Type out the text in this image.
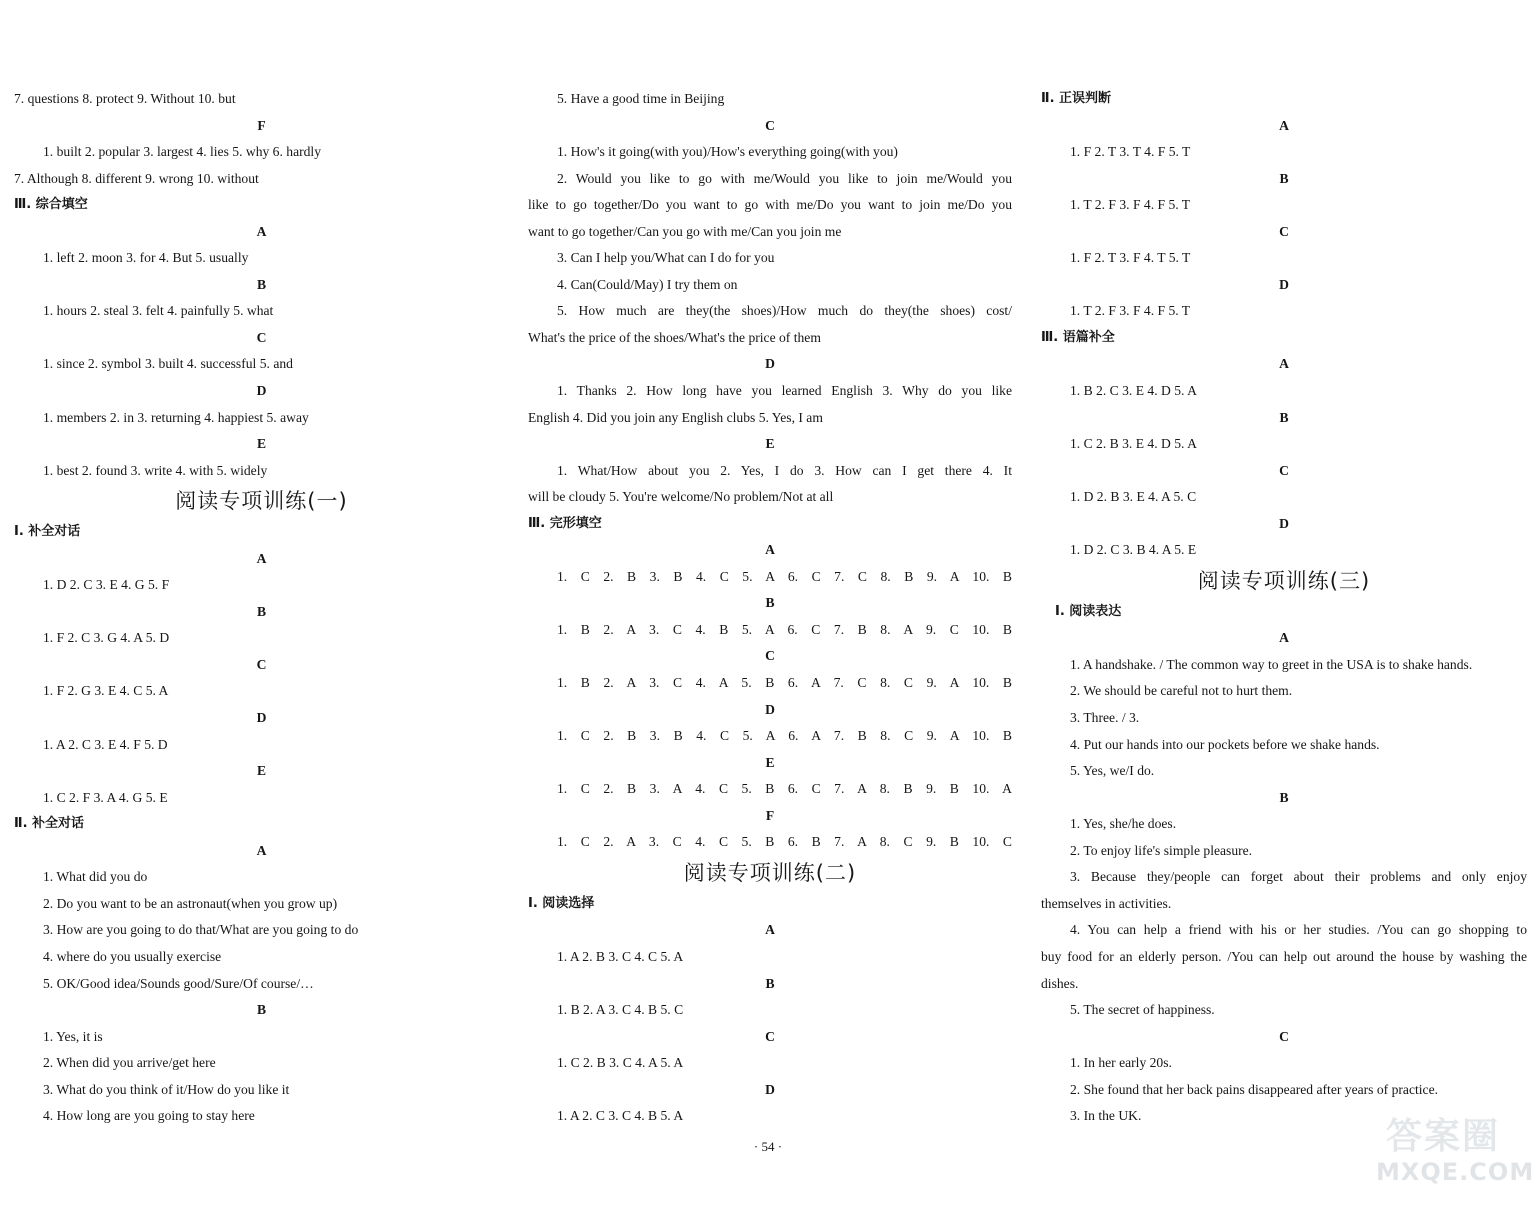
7. questions 8. protect 9. Without 10. but
F
1. built 2. popular 3. largest 4. lies 5. why 6. hardly
7. Although 8. different 9. wrong 10. without
Ⅲ. 综合填空
A
1. left 2. moon 3. for 4. But 5. usually
B
1. hours 2. steal 3. felt 4. painfully 5. what
C
1. since 2. symbol 3. built 4. successful 5. and
D
1. members 2. in 3. returning 4. happiest 5. away
E
1. best 2. found 3. write 4. with 5. widely
阅读专项训练(一)
Ⅰ. 补全对话
A
1. D 2. C 3. E 4. G 5. F
B
1. F 2. C 3. G 4. A 5. D
C
1. F 2. G 3. E 4. C 5. A
D
1. A 2. C 3. E 4. F 5. D
E
1. C 2. F 3. A 4. G 5. E
Ⅱ. 补全对话
A
1. What did you do
2. Do you want to be an astronaut(when you grow up)
3. How are you going to do that/What are you going to do
4. where do you usually exercise
5. OK/Good idea/Sounds good/Sure/Of course/…
B
1. Yes, it is
2. When did you arrive/get here
3. What do you think of it/How do you like it
4. How long are you going to stay here
5. Have a good time in Beijing
C
1. How's it going(with you)/How's everything going(with you)
2. Would you like to go with me/Would you like to join me/Would you
like to go together/Do you want to go with me/Do you want to join me/Do you
want to go together/Can you go with me/Can you join me
3. Can I help you/What can I do for you
4. Can(Could/May) I try them on
5. How much are they(the shoes)/How much do they(the shoes) cost/
What's the price of the shoes/What's the price of them
D
1. Thanks 2. How long have you learned English 3. Why do you like
English 4. Did you join any English clubs 5. Yes, I am
E
1. What/How about you 2. Yes, I do 3. How can I get there 4. It
will be cloudy 5. You're welcome/No problem/Not at all
Ⅲ. 完形填空
A
1. C 2. B 3. B 4. C 5. A 6. C 7. C 8. B 9. A 10. B
B
1. B 2. A 3. C 4. B 5. A 6. C 7. B 8. A 9. C 10. B
C
1. B 2. A 3. C 4. A 5. B 6. A 7. C 8. C 9. A 10. B
D
1. C 2. B 3. B 4. C 5. A 6. A 7. B 8. C 9. A 10. B
E
1. C 2. B 3. A 4. C 5. B 6. C 7. A 8. B 9. B 10. A
F
1. C 2. A 3. C 4. C 5. B 6. B 7. A 8. C 9. B 10. C
阅读专项训练(二)
Ⅰ. 阅读选择
A
1. A 2. B 3. C 4. C 5. A
B
1. B 2. A 3. C 4. B 5. C
C
1. C 2. B 3. C 4. A 5. A
D
1. A 2. C 3. C 4. B 5. A
Ⅱ. 正误判断
A
1. F 2. T 3. T 4. F 5. T
B
1. T 2. F 3. F 4. F 5. T
C
1. F 2. T 3. F 4. T 5. T
D
1. T 2. F 3. F 4. F 5. T
Ⅲ. 语篇补全
A
1. B 2. C 3. E 4. D 5. A
B
1. C 2. B 3. E 4. D 5. A
C
1. D 2. B 3. E 4. A 5. C
D
1. D 2. C 3. B 4. A 5. E
阅读专项训练(三)
Ⅰ. 阅读表达
A
1. A handshake. / The common way to greet in the USA is to shake hands.
2. We should be careful not to hurt them.
3. Three. / 3.
4. Put our hands into our pockets before we shake hands.
5. Yes, we/I do.
B
1. Yes, she/he does.
2. To enjoy life's simple pleasure.
3. Because they/people can forget about their problems and only enjoy
themselves in activities.
4. You can help a friend with his or her studies. /You can go shopping to
buy food for an elderly person. /You can help out around the house by washing the
dishes.
5. The secret of happiness.
C
1. In her early 20s.
2. She found that her back pains disappeared after years of practice.
3. In the UK.
· 54 ·	答案圈
MXQE.COM
